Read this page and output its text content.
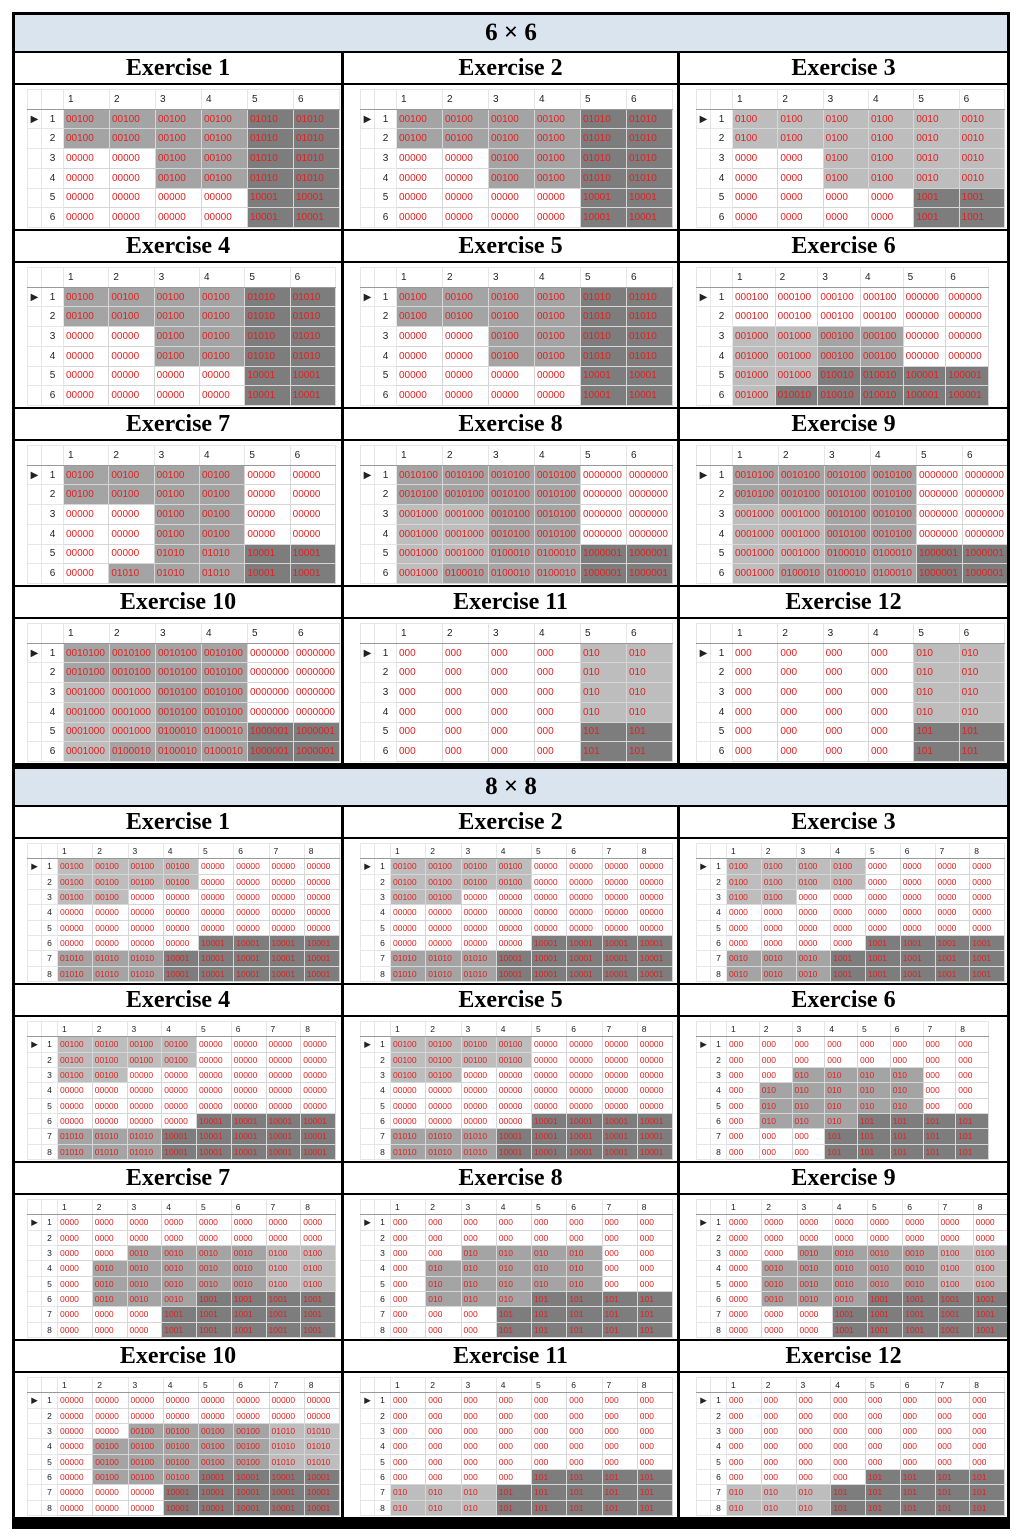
6 × 6
8 × 8
Exercise 1
		1	2	3	4	5	6
▶	1	00100	00100	00100	00100	01010	01010
	2	00100	00100	00100	00100	01010	01010
	3	00000	00000	00100	00100	01010	01010
	4	00000	00000	00100	00100	01010	01010
	5	00000	00000	00000	00000	10001	10001
	6	00000	00000	00000	00000	10001	10001
Exercise 2
		1	2	3	4	5	6
▶	1	00100	00100	00100	00100	01010	01010
	2	00100	00100	00100	00100	01010	01010
	3	00000	00000	00100	00100	01010	01010
	4	00000	00000	00100	00100	01010	01010
	5	00000	00000	00000	00000	10001	10001
	6	00000	00000	00000	00000	10001	10001
Exercise 3
		1	2	3	4	5	6
▶	1	0100	0100	0100	0100	0010	0010
	2	0100	0100	0100	0100	0010	0010
	3	0000	0000	0100	0100	0010	0010
	4	0000	0000	0100	0100	0010	0010
	5	0000	0000	0000	0000	1001	1001
	6	0000	0000	0000	0000	1001	1001
Exercise 4
		1	2	3	4	5	6
▶	1	00100	00100	00100	00100	01010	01010
	2	00100	00100	00100	00100	01010	01010
	3	00000	00000	00100	00100	01010	01010
	4	00000	00000	00100	00100	01010	01010
	5	00000	00000	00000	00000	10001	10001
	6	00000	00000	00000	00000	10001	10001
Exercise 5
		1	2	3	4	5	6
▶	1	00100	00100	00100	00100	01010	01010
	2	00100	00100	00100	00100	01010	01010
	3	00000	00000	00100	00100	01010	01010
	4	00000	00000	00100	00100	01010	01010
	5	00000	00000	00000	00000	10001	10001
	6	00000	00000	00000	00000	10001	10001
Exercise 6
		1	2	3	4	5	6
▶	1	000100	000100	000100	000100	000000	000000
	2	000100	000100	000100	000100	000000	000000
	3	001000	001000	000100	000100	000000	000000
	4	001000	001000	000100	000100	000000	000000
	5	001000	001000	010010	010010	100001	100001
	6	001000	010010	010010	010010	100001	100001
Exercise 7
		1	2	3	4	5	6
▶	1	00100	00100	00100	00100	00000	00000
	2	00100	00100	00100	00100	00000	00000
	3	00000	00000	00100	00100	00000	00000
	4	00000	00000	00100	00100	00000	00000
	5	00000	00000	01010	01010	10001	10001
	6	00000	01010	01010	01010	10001	10001
Exercise 8
		1	2	3	4	5	6
▶	1	0010100	0010100	0010100	0010100	0000000	0000000
	2	0010100	0010100	0010100	0010100	0000000	0000000
	3	0001000	0001000	0010100	0010100	0000000	0000000
	4	0001000	0001000	0010100	0010100	0000000	0000000
	5	0001000	0001000	0100010	0100010	1000001	1000001
	6	0001000	0100010	0100010	0100010	1000001	1000001
Exercise 9
		1	2	3	4	5	6
▶	1	0010100	0010100	0010100	0010100	0000000	0000000
	2	0010100	0010100	0010100	0010100	0000000	0000000
	3	0001000	0001000	0010100	0010100	0000000	0000000
	4	0001000	0001000	0010100	0010100	0000000	0000000
	5	0001000	0001000	0100010	0100010	1000001	1000001
	6	0001000	0100010	0100010	0100010	1000001	1000001
Exercise 10
		1	2	3	4	5	6
▶	1	0010100	0010100	0010100	0010100	0000000	0000000
	2	0010100	0010100	0010100	0010100	0000000	0000000
	3	0001000	0001000	0010100	0010100	0000000	0000000
	4	0001000	0001000	0010100	0010100	0000000	0000000
	5	0001000	0001000	0100010	0100010	1000001	1000001
	6	0001000	0100010	0100010	0100010	1000001	1000001
Exercise 11
		1	2	3	4	5	6
▶	1	000	000	000	000	010	010
	2	000	000	000	000	010	010
	3	000	000	000	000	010	010
	4	000	000	000	000	010	010
	5	000	000	000	000	101	101
	6	000	000	000	000	101	101
Exercise 12
		1	2	3	4	5	6
▶	1	000	000	000	000	010	010
	2	000	000	000	000	010	010
	3	000	000	000	000	010	010
	4	000	000	000	000	010	010
	5	000	000	000	000	101	101
	6	000	000	000	000	101	101
Exercise 1
		1	2	3	4	5	6	7	8
▶	1	00100	00100	00100	00100	00000	00000	00000	00000
	2	00100	00100	00100	00100	00000	00000	00000	00000
	3	00100	00100	00000	00000	00000	00000	00000	00000
	4	00000	00000	00000	00000	00000	00000	00000	00000
	5	00000	00000	00000	00000	00000	00000	00000	00000
	6	00000	00000	00000	00000	10001	10001	10001	10001
	7	01010	01010	01010	10001	10001	10001	10001	10001
	8	01010	01010	01010	10001	10001	10001	10001	10001
Exercise 2
		1	2	3	4	5	6	7	8
▶	1	00100	00100	00100	00100	00000	00000	00000	00000
	2	00100	00100	00100	00100	00000	00000	00000	00000
	3	00100	00100	00000	00000	00000	00000	00000	00000
	4	00000	00000	00000	00000	00000	00000	00000	00000
	5	00000	00000	00000	00000	00000	00000	00000	00000
	6	00000	00000	00000	00000	10001	10001	10001	10001
	7	01010	01010	01010	10001	10001	10001	10001	10001
	8	01010	01010	01010	10001	10001	10001	10001	10001
Exercise 3
		1	2	3	4	5	6	7	8
▶	1	0100	0100	0100	0100	0000	0000	0000	0000
	2	0100	0100	0100	0100	0000	0000	0000	0000
	3	0100	0100	0000	0000	0000	0000	0000	0000
	4	0000	0000	0000	0000	0000	0000	0000	0000
	5	0000	0000	0000	0000	0000	0000	0000	0000
	6	0000	0000	0000	0000	1001	1001	1001	1001
	7	0010	0010	0010	1001	1001	1001	1001	1001
	8	0010	0010	0010	1001	1001	1001	1001	1001
Exercise 4
		1	2	3	4	5	6	7	8
▶	1	00100	00100	00100	00100	00000	00000	00000	00000
	2	00100	00100	00100	00100	00000	00000	00000	00000
	3	00100	00100	00000	00000	00000	00000	00000	00000
	4	00000	00000	00000	00000	00000	00000	00000	00000
	5	00000	00000	00000	00000	00000	00000	00000	00000
	6	00000	00000	00000	00000	10001	10001	10001	10001
	7	01010	01010	01010	10001	10001	10001	10001	10001
	8	01010	01010	01010	10001	10001	10001	10001	10001
Exercise 5
		1	2	3	4	5	6	7	8
▶	1	00100	00100	00100	00100	00000	00000	00000	00000
	2	00100	00100	00100	00100	00000	00000	00000	00000
	3	00100	00100	00000	00000	00000	00000	00000	00000
	4	00000	00000	00000	00000	00000	00000	00000	00000
	5	00000	00000	00000	00000	00000	00000	00000	00000
	6	00000	00000	00000	00000	10001	10001	10001	10001
	7	01010	01010	01010	10001	10001	10001	10001	10001
	8	01010	01010	01010	10001	10001	10001	10001	10001
Exercise 6
		1	2	3	4	5	6	7	8
▶	1	000	000	000	000	000	000	000	000
	2	000	000	000	000	000	000	000	000
	3	000	000	010	010	010	010	000	000
	4	000	010	010	010	010	010	000	000
	5	000	010	010	010	010	010	000	000
	6	000	010	010	010	101	101	101	101
	7	000	000	000	101	101	101	101	101
	8	000	000	000	101	101	101	101	101
Exercise 7
		1	2	3	4	5	6	7	8
▶	1	0000	0000	0000	0000	0000	0000	0000	0000
	2	0000	0000	0000	0000	0000	0000	0000	0000
	3	0000	0000	0010	0010	0010	0010	0100	0100
	4	0000	0010	0010	0010	0010	0010	0100	0100
	5	0000	0010	0010	0010	0010	0010	0100	0100
	6	0000	0010	0010	0010	1001	1001	1001	1001
	7	0000	0000	0000	1001	1001	1001	1001	1001
	8	0000	0000	0000	1001	1001	1001	1001	1001
Exercise 8
		1	2	3	4	5	6	7	8
▶	1	000	000	000	000	000	000	000	000
	2	000	000	000	000	000	000	000	000
	3	000	000	010	010	010	010	000	000
	4	000	010	010	010	010	010	000	000
	5	000	010	010	010	010	010	000	000
	6	000	010	010	010	101	101	101	101
	7	000	000	000	101	101	101	101	101
	8	000	000	000	101	101	101	101	101
Exercise 9
		1	2	3	4	5	6	7	8
▶	1	0000	0000	0000	0000	0000	0000	0000	0000
	2	0000	0000	0000	0000	0000	0000	0000	0000
	3	0000	0000	0010	0010	0010	0010	0100	0100
	4	0000	0010	0010	0010	0010	0010	0100	0100
	5	0000	0010	0010	0010	0010	0010	0100	0100
	6	0000	0010	0010	0010	1001	1001	1001	1001
	7	0000	0000	0000	1001	1001	1001	1001	1001
	8	0000	0000	0000	1001	1001	1001	1001	1001
Exercise 10
		1	2	3	4	5	6	7	8
▶	1	00000	00000	00000	00000	00000	00000	00000	00000
	2	00000	00000	00000	00000	00000	00000	00000	00000
	3	00000	00000	00100	00100	00100	00100	01010	01010
	4	00000	00100	00100	00100	00100	00100	01010	01010
	5	00000	00100	00100	00100	00100	00100	01010	01010
	6	00000	00100	00100	00100	10001	10001	10001	10001
	7	00000	00000	00000	10001	10001	10001	10001	10001
	8	00000	00000	00000	10001	10001	10001	10001	10001
Exercise 11
		1	2	3	4	5	6	7	8
▶	1	000	000	000	000	000	000	000	000
	2	000	000	000	000	000	000	000	000
	3	000	000	000	000	000	000	000	000
	4	000	000	000	000	000	000	000	000
	5	000	000	000	000	000	000	000	000
	6	000	000	000	000	101	101	101	101
	7	010	010	010	101	101	101	101	101
	8	010	010	010	101	101	101	101	101
Exercise 12
		1	2	3	4	5	6	7	8
▶	1	000	000	000	000	000	000	000	000
	2	000	000	000	000	000	000	000	000
	3	000	000	000	000	000	000	000	000
	4	000	000	000	000	000	000	000	000
	5	000	000	000	000	000	000	000	000
	6	000	000	000	000	101	101	101	101
	7	010	010	010	101	101	101	101	101
	8	010	010	010	101	101	101	101	101
